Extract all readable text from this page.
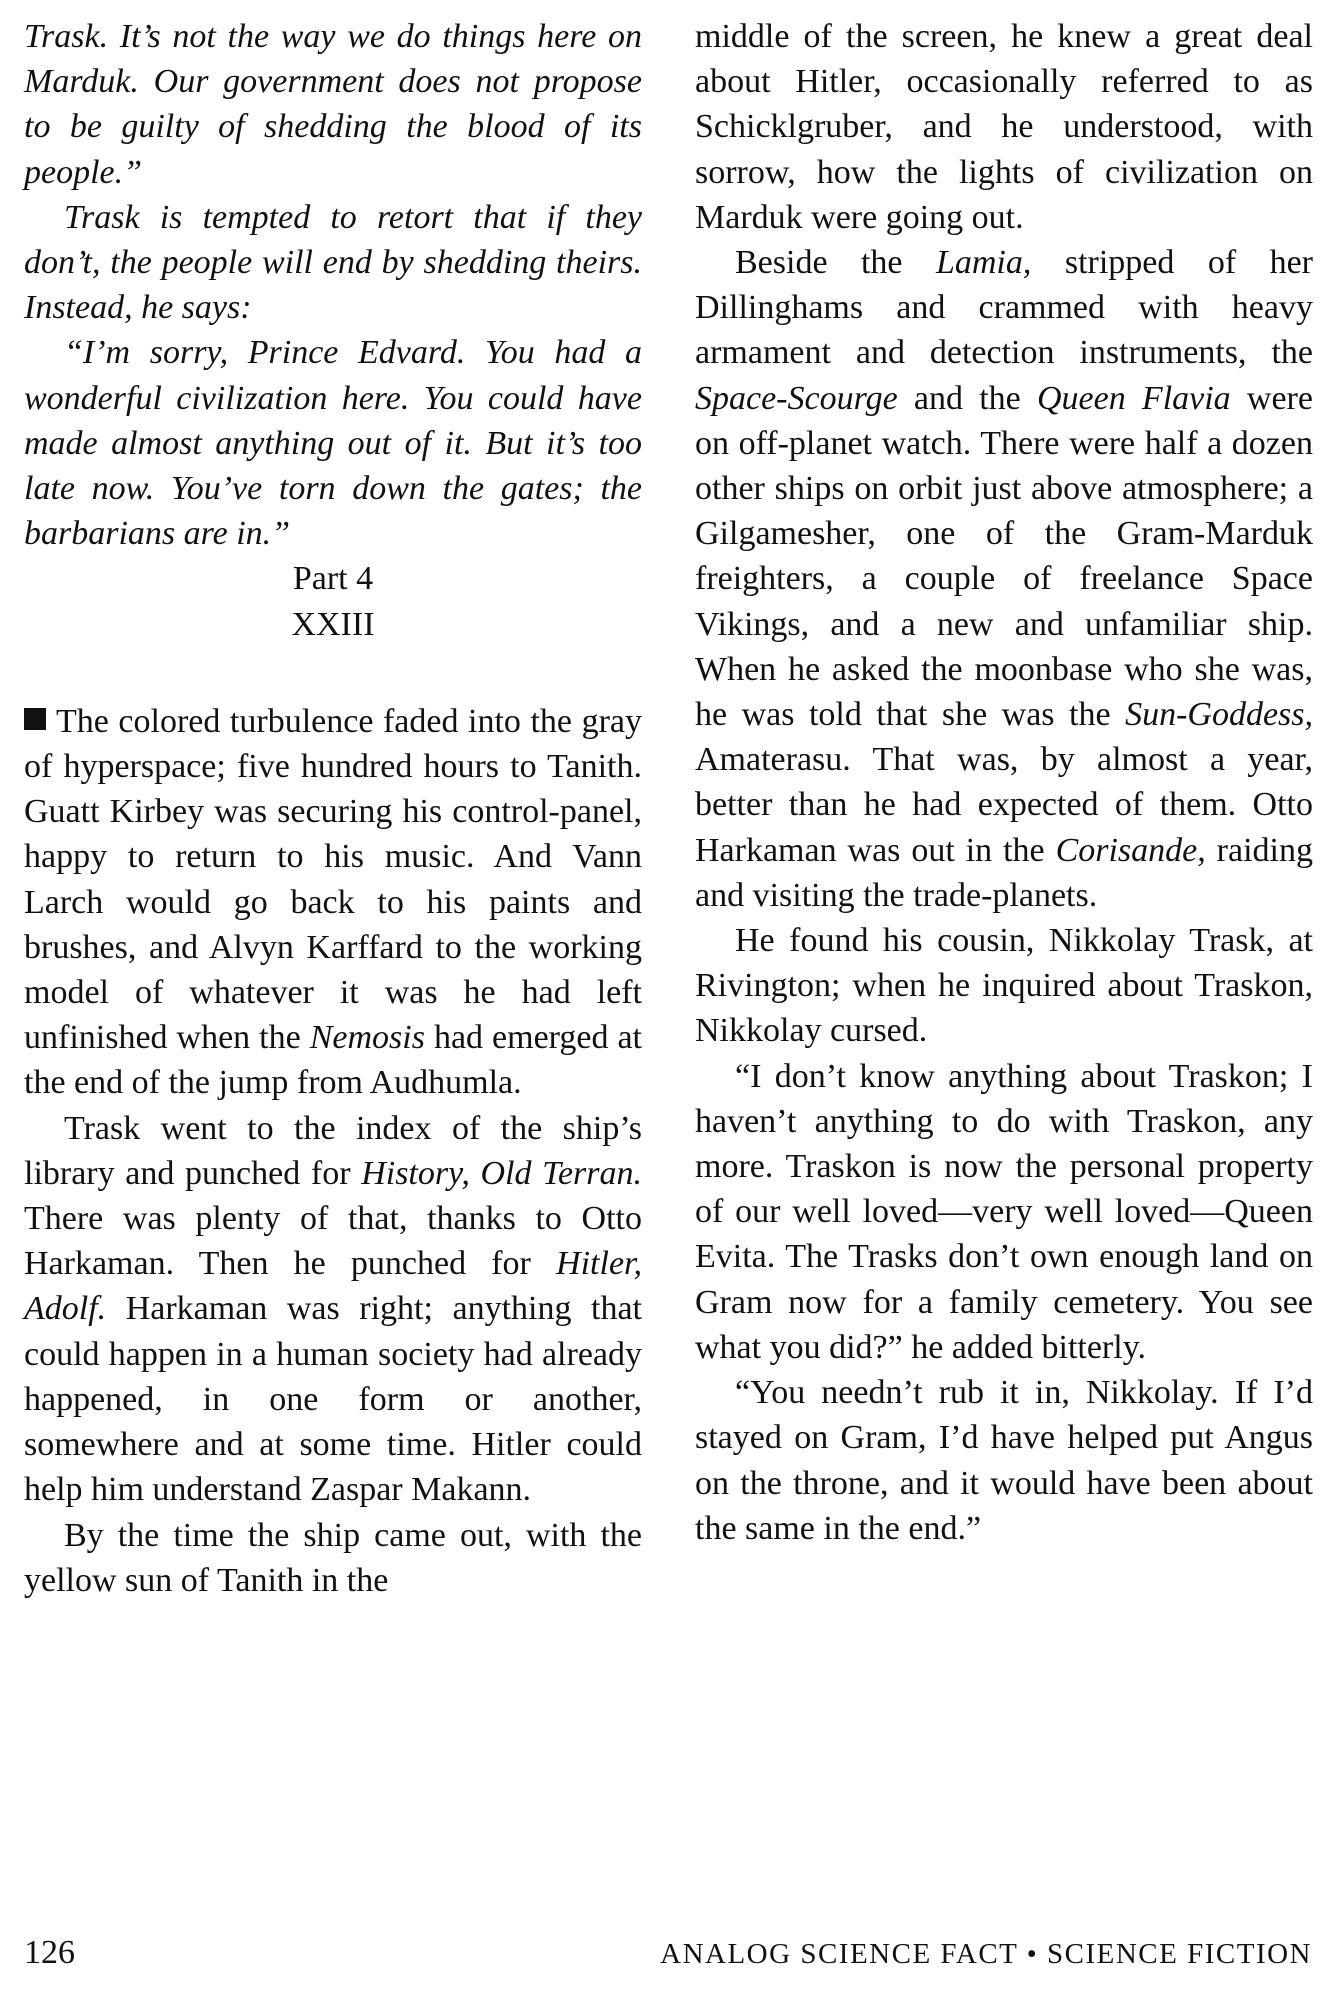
Trask. It’s not the way we do things here on Marduk. Our government does not propose to be guilty of shedding the blood of its people.”

Trask is tempted to retort that if they don’t, the people will end by shedding theirs. Instead, he says:

“I’m sorry, Prince Edvard. You had a wonderful civilization here. You could have made almost anything out of it. But it’s too late now. You’ve torn down the gates; the barbarians are in.”

Part 4

XXIII

The colored turbulence faded into the gray of hyperspace; five hundred hours to Tanith. Guatt Kirbey was securing his control-panel, happy to return to his music. And Vann Larch would go back to his paints and brushes, and Alvyn Karffard to the working model of whatever it was he had left unfinished when the Nemosis had emerged at the end of the jump from Audhumla.

Trask went to the index of the ship’s library and punched for History, Old Terran. There was plenty of that, thanks to Otto Harkaman. Then he punched for Hitler, Adolf. Harkaman was right; anything that could happen in a human society had already happened, in one form or another, somewhere and at some time. Hitler could help him understand Zaspar Makann.

By the time the ship came out, with the yellow sun of Tanith in the

middle of the screen, he knew a great deal about Hitler, occasionally referred to as Schicklgruber, and he understood, with sorrow, how the lights of civilization on Marduk were going out.

Beside the Lamia, stripped of her Dillinghams and crammed with heavy armament and detection instruments, the Space-Scourge and the Queen Flavia were on off-planet watch. There were half a dozen other ships on orbit just above atmosphere; a Gilgamesher, one of the Gram-Marduk freighters, a couple of freelance Space Vikings, and a new and unfamiliar ship. When he asked the moonbase who she was, he was told that she was the Sun-Goddess, Amaterasu. That was, by almost a year, better than he had expected of them. Otto Harkaman was out in the Corisande, raiding and visiting the trade-planets.

He found his cousin, Nikkolay Trask, at Rivington; when he inquired about Traskon, Nikkolay cursed.

“I don’t know anything about Traskon; I haven’t anything to do with Traskon, any more. Traskon is now the personal property of our well loved—very well loved—Queen Evita. The Trasks don’t own enough land on Gram now for a family cemetery. You see what you did?” he added bitterly.

“You needn’t rub it in, Nikkolay. If I’d stayed on Gram, I’d have helped put Angus on the throne, and it would have been about the same in the end.”

126	ANALOG SCIENCE FACT • SCIENCE FICTION
